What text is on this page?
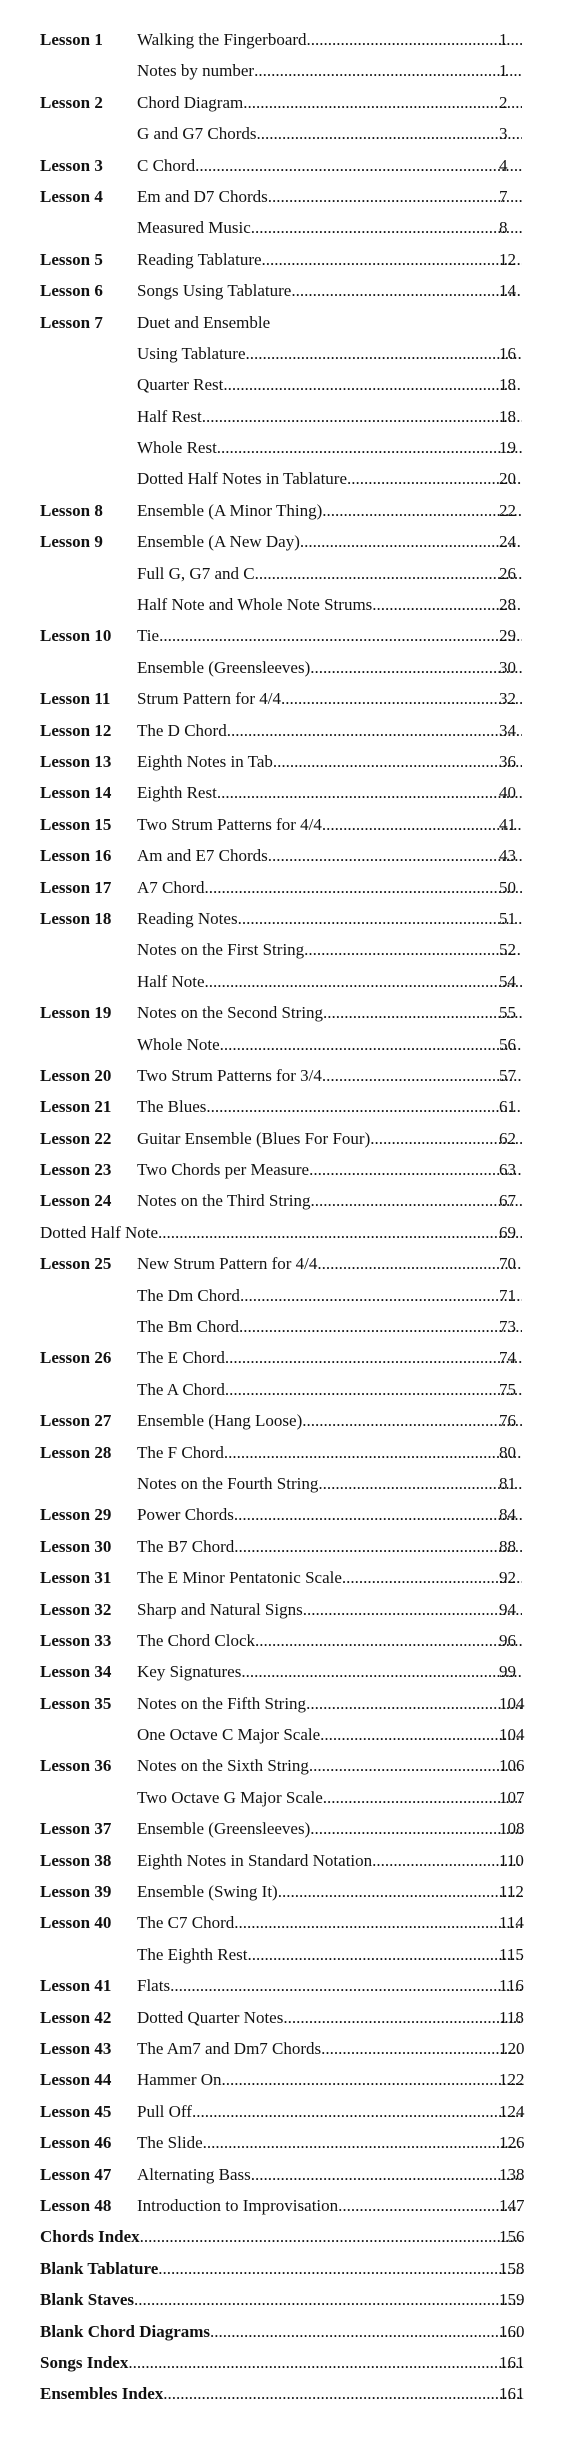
Lesson 1 Walking the Fingerboard .....	1
Notes by number .....	1
Lesson 2 Chord Diagram .....	2
G and G7 Chords .....	3
Lesson 3 C Chord .....	4
Lesson 4 Em and D7 Chords .....	7
Measured Music .....	8
Lesson 5 Reading Tablature .....	12
Lesson 6 Songs Using Tablature .....	14
Lesson 7 Duet and Ensemble
Using Tablature .....	16
Quarter Rest .....	18
Half Rest .....	18
Whole Rest .....	19
Dotted Half Notes in Tablature .....	20
Lesson 8 Ensemble (A Minor Thing) .....	22
Lesson 9 Ensemble (A New Day) .....	24
Full G, G7 and C .....	26
Half Note and Whole Note Strums .....	28
Lesson 10 Tie .....	29
Ensemble (Greensleeves) .....	30
Lesson 11 Strum Pattern for 4/4 .....	32
Lesson 12 The D Chord .....	34
Lesson 13 Eighth Notes in Tab .....	36
Lesson 14 Eighth Rest .....	40
Lesson 15 Two Strum Patterns for 4/4 .....	41
Lesson 16 Am and E7 Chords .....	43
Lesson 17 A7 Chord .....	50
Lesson 18 Reading Notes .....	51
Notes on the First String .....	52
Half Note .....	54
Lesson 19 Notes on the Second String .....	55
Whole Note .....	56
Lesson 20 Two Strum Patterns for 3/4 .....	57
Lesson 21 The Blues .....	61
Lesson 22 Guitar Ensemble (Blues For Four) .....	62
Lesson 23 Two Chords per Measure .....	63
Lesson 24 Notes on the Third String .....	67
Dotted Half Note .....	69
Lesson 25 New Strum Pattern for 4/4 .....	70
The Dm Chord .....	71
The Bm Chord .....	73
Lesson 26 The E Chord .....	74
The A Chord .....	75
Lesson 27 Ensemble (Hang Loose) .....	76
Lesson 28 The F Chord .....	80
Notes on the Fourth String .....	81
Lesson 29 Power Chords .....	84
Lesson 30 The B7 Chord .....	88
Lesson 31 The E Minor Pentatonic Scale .....	92
Lesson 32 Sharp and Natural Signs .....	94
Lesson 33 The Chord Clock .....	96
Lesson 34 Key Signatures .....	99
Lesson 35 Notes on the Fifth String .....	104
One Octave C Major Scale .....	104
Lesson 36 Notes on the Sixth String .....	106
Two Octave G Major Scale .....	107
Lesson 37 Ensemble (Greensleeves) .....	108
Lesson 38 Eighth Notes in Standard Notation .....	110
Lesson 39 Ensemble (Swing It) .....	112
Lesson 40 The C7 Chord .....	114
The Eighth Rest .....	115
Lesson 41 Flats .....	116
Lesson 42 Dotted Quarter Notes .....	118
Lesson 43 The Am7 and Dm7 Chords .....	120
Lesson 44 Hammer On .....	122
Lesson 45 Pull Off .....	124
Lesson 46 The Slide .....	126
Lesson 47 Alternating Bass .....	138
Lesson 48 Introduction to Improvisation .....	147
Chords Index .....	156
Blank Tablature .....	158
Blank Staves .....	159
Blank Chord Diagrams .....	160
Songs Index .....	161
Ensembles Index .....	161
